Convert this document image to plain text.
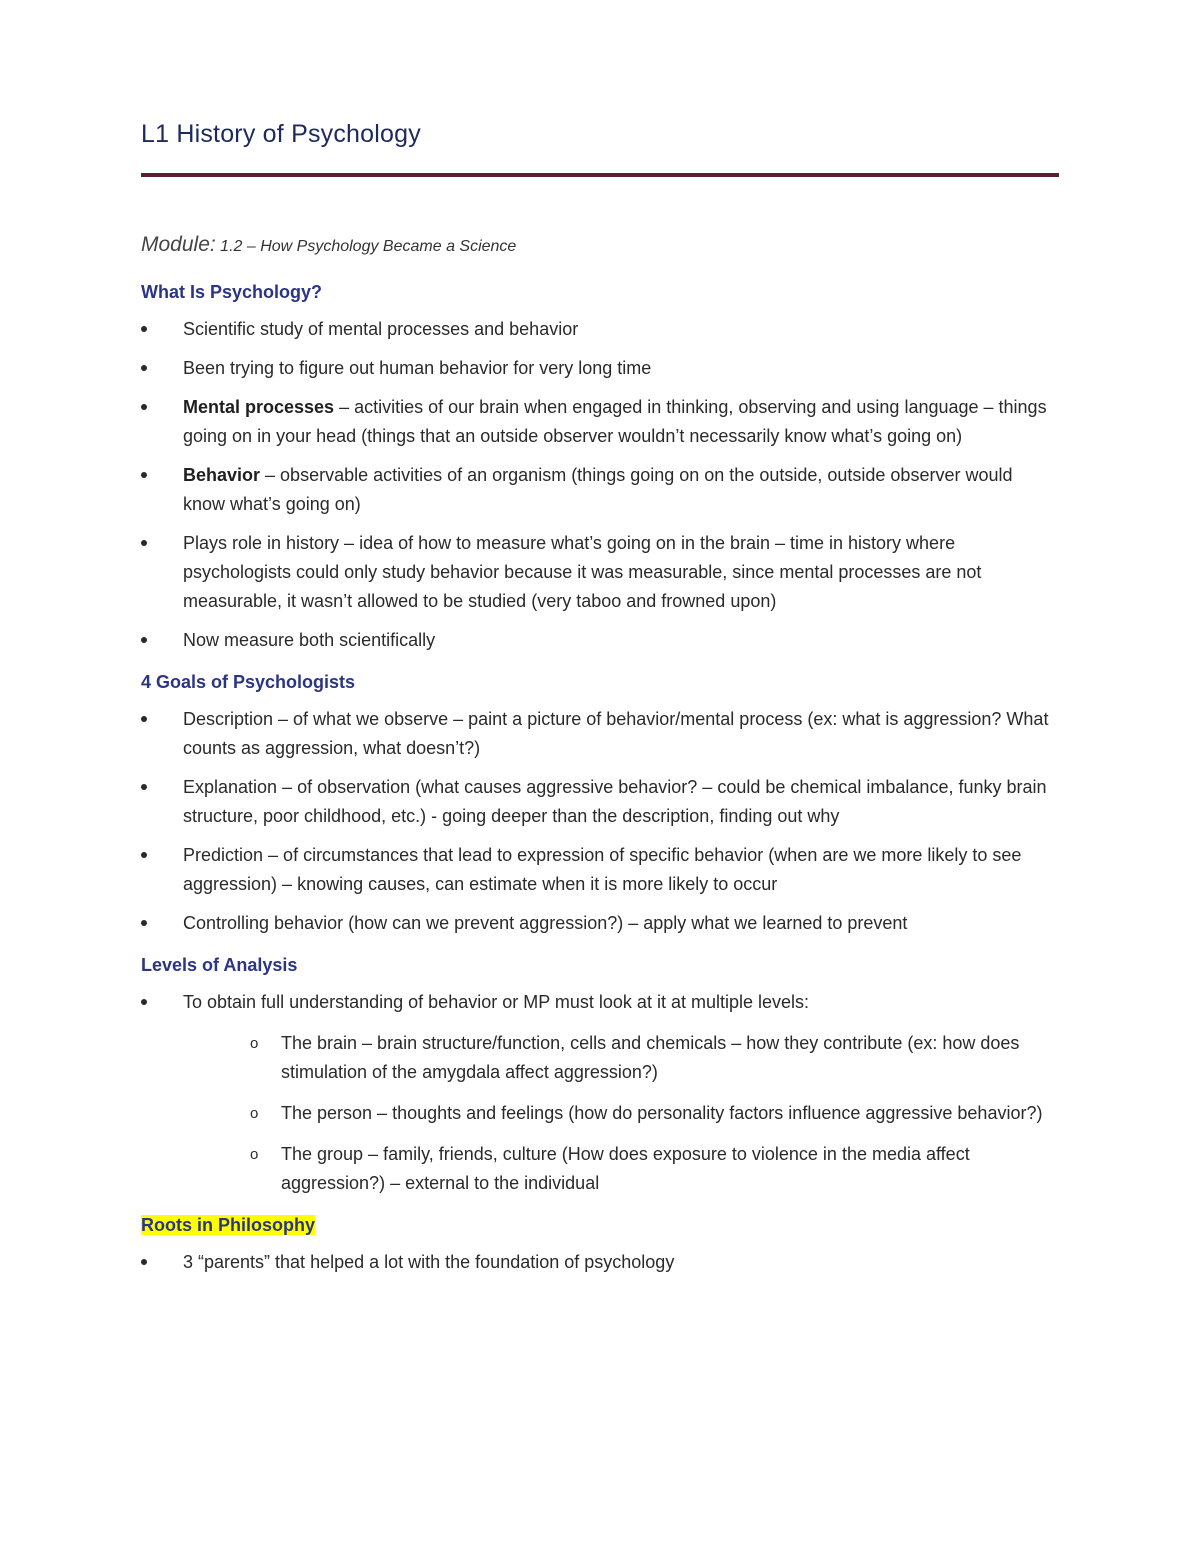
L1 History of Psychology
Module: 1.2 – How Psychology Became a Science
What Is Psychology?
Scientific study of mental processes and behavior
Been trying to figure out human behavior for very long time
Mental processes – activities of our brain when engaged in thinking, observing and using language – things going on in your head (things that an outside observer wouldn’t necessarily know what’s going on)
Behavior – observable activities of an organism (things going on on the outside, outside observer would know what’s going on)
Plays role in history – idea of how to measure what’s going on in the brain – time in history where psychologists could only study behavior because it was measurable, since mental processes are not measurable, it wasn’t allowed to be studied (very taboo and frowned upon)
Now measure both scientifically
4 Goals of Psychologists
Description – of what we observe – paint a picture of behavior/mental process (ex: what is aggression? What counts as aggression, what doesn’t?)
Explanation – of observation (what causes aggressive behavior? – could be chemical imbalance, funky brain structure, poor childhood, etc.) - going deeper than the description, finding out why
Prediction – of circumstances that lead to expression of specific behavior (when are we more likely to see aggression) – knowing causes, can estimate when it is more likely to occur
Controlling behavior (how can we prevent aggression?) – apply what we learned to prevent
Levels of Analysis
To obtain full understanding of behavior or MP must look at it at multiple levels:
o The brain – brain structure/function, cells and chemicals – how they contribute (ex: how does stimulation of the amygdala affect aggression?)
o The person – thoughts and feelings (how do personality factors influence aggressive behavior?)
o The group – family, friends, culture (How does exposure to violence in the media affect aggression?) – external to the individual
Roots in Philosophy
3 “parents” that helped a lot with the foundation of psychology
